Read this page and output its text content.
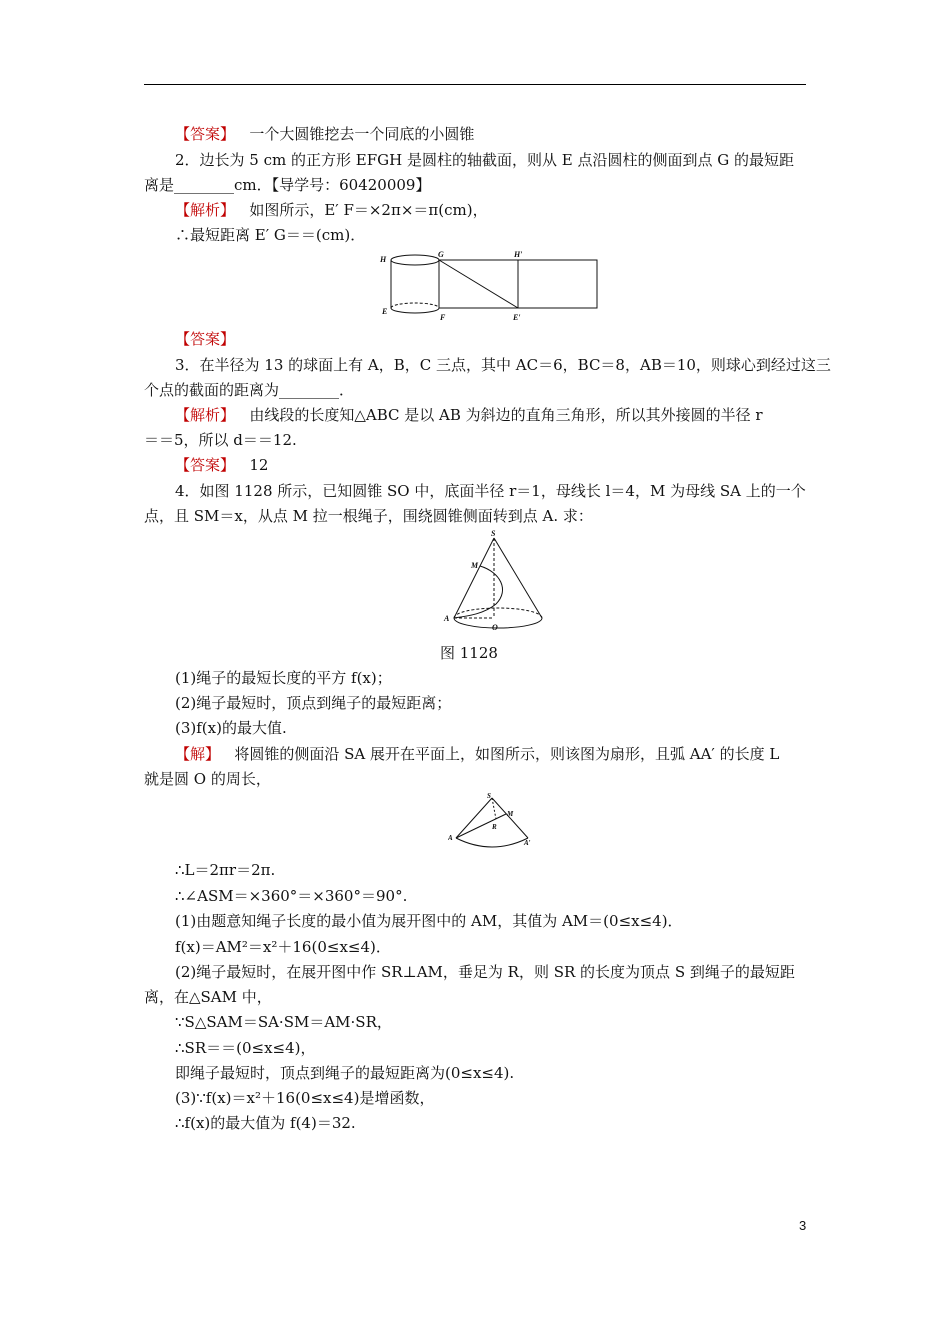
【答案】 一个大圆锥挖去一个同底的小圆锥
2．边长为 5 cm 的正方形 EFGH 是圆柱的轴截面，则从 E 点沿圆柱的侧面到点 G 的最短距
离是________cm．【导学号：60420009】
【解析】 如图所示，E′ F＝×2π×＝π(cm)，
∴最短距离 E′ G＝＝(cm)．
H
G	H′
E
F	E′
【答案】
3．在半径为 13 的球面上有 A，B，C 三点，其中 AC＝6，BC＝8，AB＝10，则球心到经过这三
个点的截面的距离为________．
【解析】 由线段的长度知△ABC 是以 AB 为斜边的直角三角形，所以其外接圆的半径 r
＝＝5，所以 d＝＝12.
【答案】 12
4．如图 1128 所示，已知圆锥 SO 中，底面半径 r＝1，母线长 l＝4，M 为母线 SA 上的一个
点，且 SM＝x，从点 M 拉一根绳子，围绕圆锥侧面转到点 A. 求：
S
M
A
O
图 1128
(1)绳子的最短长度的平方 f(x)；
(2)绳子最短时，顶点到绳子的最短距离；
(3)f(x)的最大值.
【解】 将圆锥的侧面沿 SA 展开在平面上，如图所示，则该图为扇形，且弧 AA′ 的长度 L
就是圆 O 的周长，
S
M
R
A
A′
∴L＝2πr＝2π.
∴∠ASM＝×360°＝×360°＝90°.
(1)由题意知绳子长度的最小值为展开图中的 AM，其值为 AM＝(0≤x≤4)．
f(x)＝AM²＝x²＋16(0≤x≤4)．
(2)绳子最短时，在展开图中作 SR⊥AM，垂足为 R，则 SR 的长度为顶点 S 到绳子的最短距
离，在△SAM 中，
∵S△SAM＝SA·SM＝AM·SR，
∴SR＝＝(0≤x≤4)，
即绳子最短时，顶点到绳子的最短距离为(0≤x≤4).
(3)∵f(x)＝x²＋16(0≤x≤4)是增函数，
∴f(x)的最大值为 f(4)＝32.
3
